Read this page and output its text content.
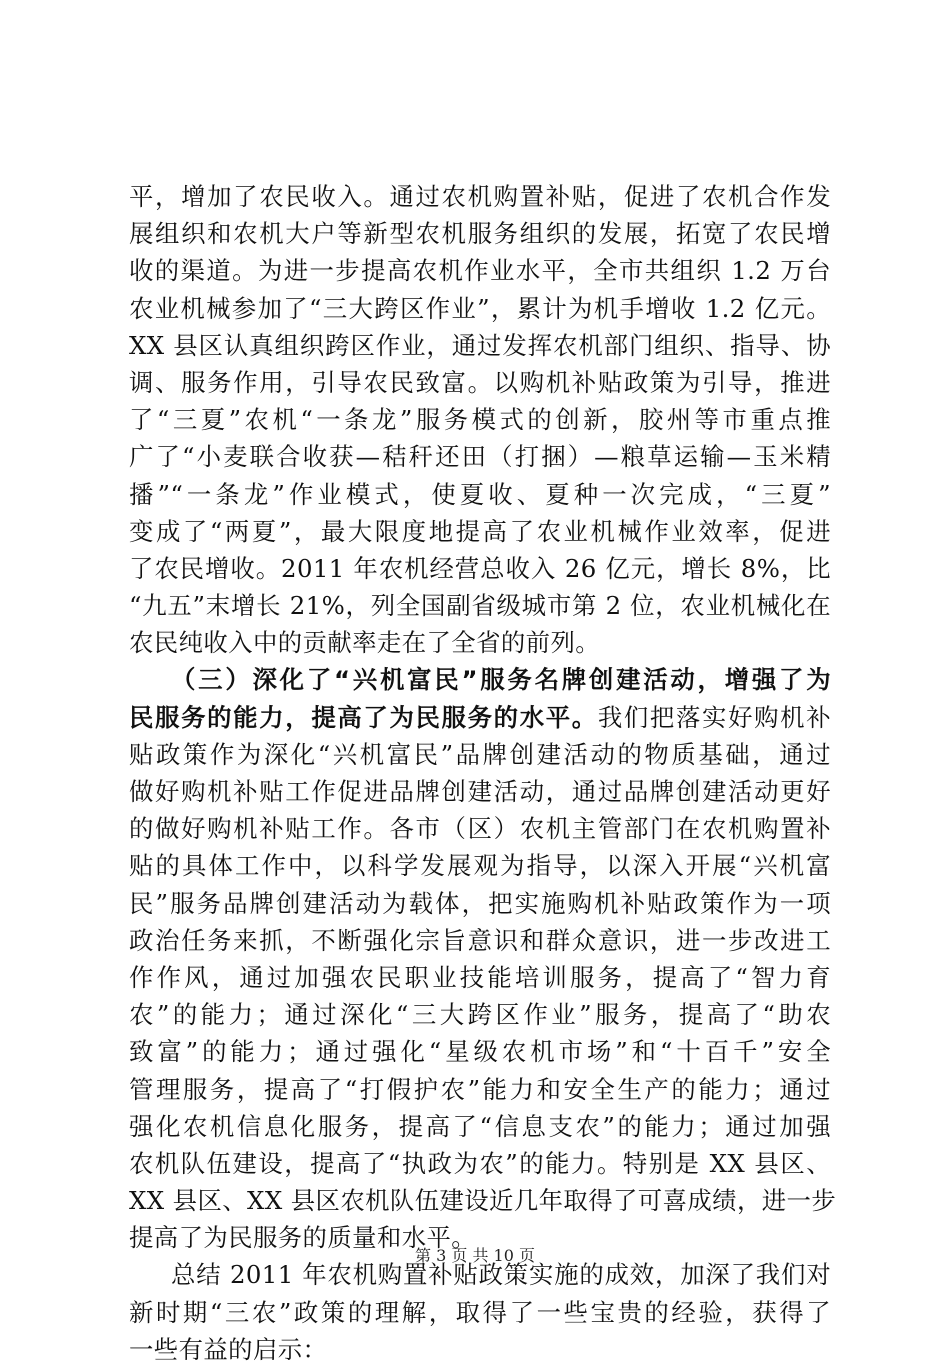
平，增加了农民收入。通过农机购置补贴，促进了农机合作发
展组织和农机大户等新型农机服务组织的发展，拓宽了农民增
收的渠道。为进一步提高农机作业水平，全市共组织 1.2 万台
农业机械参加了“三大跨区作业”，累计为机手增收 1.2 亿元。
XX 县区认真组织跨区作业，通过发挥农机部门组织、指导、协
调、服务作用，引导农民致富。以购机补贴政策为引导，推进
了“三夏”农机“一条龙”服务模式的创新，胶州等市重点推
广了“小麦联合收获—秸秆还田（打捆）—粮草运输—玉米精
播”“一条龙”作业模式，使夏收、夏种一次完成，“三夏”
变成了“两夏”，最大限度地提高了农业机械作业效率，促进
了农民增收。2011 年农机经营总收入 26 亿元，增长 8%，比
“九五”末增长 21%，列全国副省级城市第 2 位，农业机械化在
农民纯收入中的贡献率走在了全省的前列。
（三）深化了“兴机富民”服务名牌创建活动，增强了为
民服务的能力，提高了为民服务的水平。我们把落实好购机补
贴政策作为深化“兴机富民”品牌创建活动的物质基础，通过
做好购机补贴工作促进品牌创建活动，通过品牌创建活动更好
的做好购机补贴工作。各市（区）农机主管部门在农机购置补
贴的具体工作中，以科学发展观为指导，以深入开展“兴机富
民”服务品牌创建活动为载体，把实施购机补贴政策作为一项
政治任务来抓，不断强化宗旨意识和群众意识，进一步改进工
作作风，通过加强农民职业技能培训服务，提高了“智力育
农”的能力；通过深化“三大跨区作业”服务，提高了“助农
致富”的能力；通过强化“星级农机市场”和“十百千”安全
管理服务，提高了“打假护农”能力和安全生产的能力；通过
强化农机信息化服务，提高了“信息支农”的能力；通过加强
农机队伍建设，提高了“执政为农”的能力。特别是 XX 县区、
XX 县区、XX 县区农机队伍建设近几年取得了可喜成绩，进一步
提高了为民服务的质量和水平。
总结 2011 年农机购置补贴政策实施的成效，加深了我们对
新时期“三农”政策的理解，取得了一些宝贵的经验，获得了
一些有益的启示：
第 3 页 共 10 页
